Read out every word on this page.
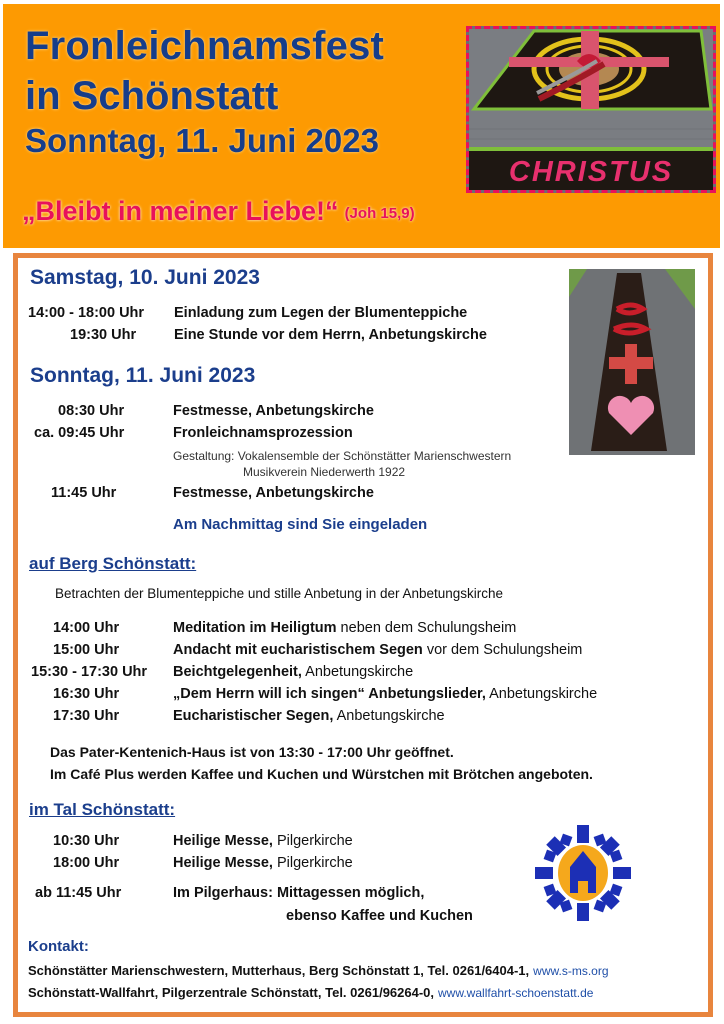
Fronleichnamsfest
in Schönstatt
Sonntag, 11. Juni 2023
„Bleibt in meiner Liebe!“ (Joh 15,9)
CHRISTUS
Samstag, 10. Juni 2023
14:00 - 18:00 Uhr	Einladung zum Legen der Blumenteppiche
19:30 Uhr	Eine Stunde vor dem Herrn, Anbetungskirche
Sonntag, 11. Juni 2023
08:30 Uhr	Festmesse, Anbetungskirche
ca. 09:45 Uhr	Fronleichnamsprozession
Gestaltung: Vokalensemble der Schönstätter Marienschwestern
Musikverein Niederwerth 1922
11:45 Uhr	Festmesse, Anbetungskirche
Am Nachmittag sind Sie eingeladen
auf Berg Schönstatt:
Betrachten der Blumenteppiche und stille Anbetung in der Anbetungskirche
14:00 Uhr	Meditation im Heiligtum neben dem Schulungsheim
15:00 Uhr	Andacht mit eucharistischem Segen vor dem Schulungsheim
15:30 - 17:30 Uhr Beichtgelegenheit, Anbetungskirche
16:30 Uhr	„Dem Herrn will ich singen“ Anbetungslieder, Anbetungskirche
17:30 Uhr	Eucharistischer Segen, Anbetungskirche
Das Pater-Kentenich-Haus ist von 13:30 - 17:00 Uhr geöffnet.
Im Café Plus werden Kaffee und Kuchen und Würstchen mit Brötchen angeboten.
im Tal Schönstatt:
10:30 Uhr	Heilige Messe, Pilgerkirche
18:00 Uhr	Heilige Messe, Pilgerkirche
ab 11:45 Uhr	Im Pilgerhaus: Mittagessen möglich,
ebenso Kaffee und Kuchen
Kontakt:
Schönstätter Marienschwestern, Mutterhaus, Berg Schönstatt 1, Tel. 0261/6404-1, www.s-ms.org
Schönstatt-Wallfahrt, Pilgerzentrale Schönstatt, Tel. 0261/96264-0, www.wallfahrt-schoenstatt.de
